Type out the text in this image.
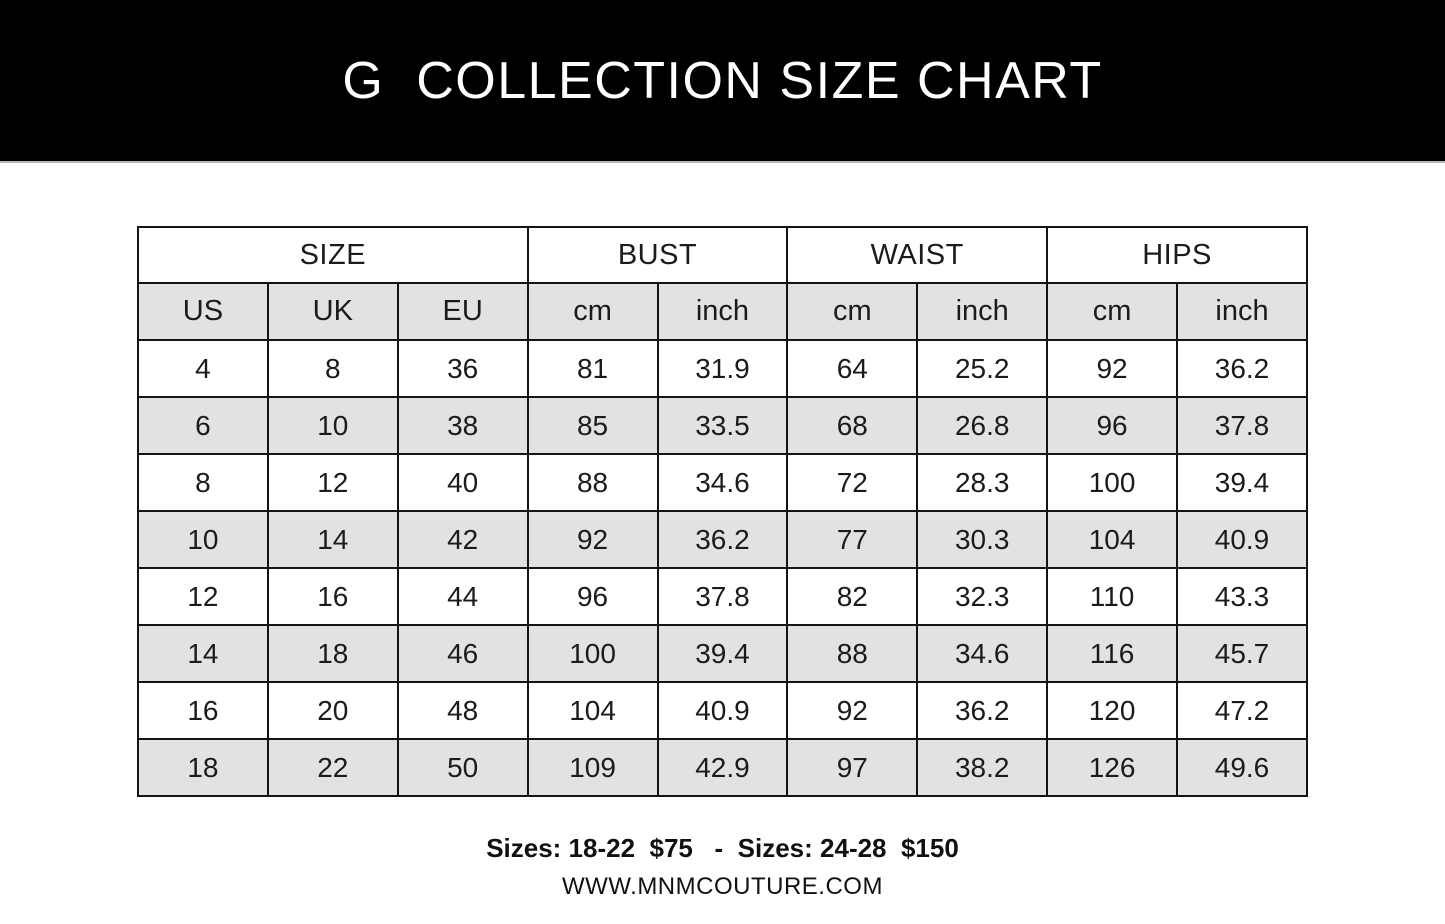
G  COLLECTION SIZE CHART
SIZE			BUST		WAIST		HIPS	
US	UK	EU	cm	inch	cm	inch	cm	inch
4	8	36	81	31.9	64	25.2	92	36.2
6	10	38	85	33.5	68	26.8	96	37.8
8	12	40	88	34.6	72	28.3	100	39.4
10	14	42	92	36.2	77	30.3	104	40.9
12	16	44	96	37.8	82	32.3	110	43.3
14	18	46	100	39.4	88	34.6	116	45.7
16	20	48	104	40.9	92	36.2	120	47.2
18	22	50	109	42.9	97	38.2	126	49.6
Sizes: 18-22  $75   -  Sizes: 24-28  $150
WWW.MNMCOUTURE.COM
